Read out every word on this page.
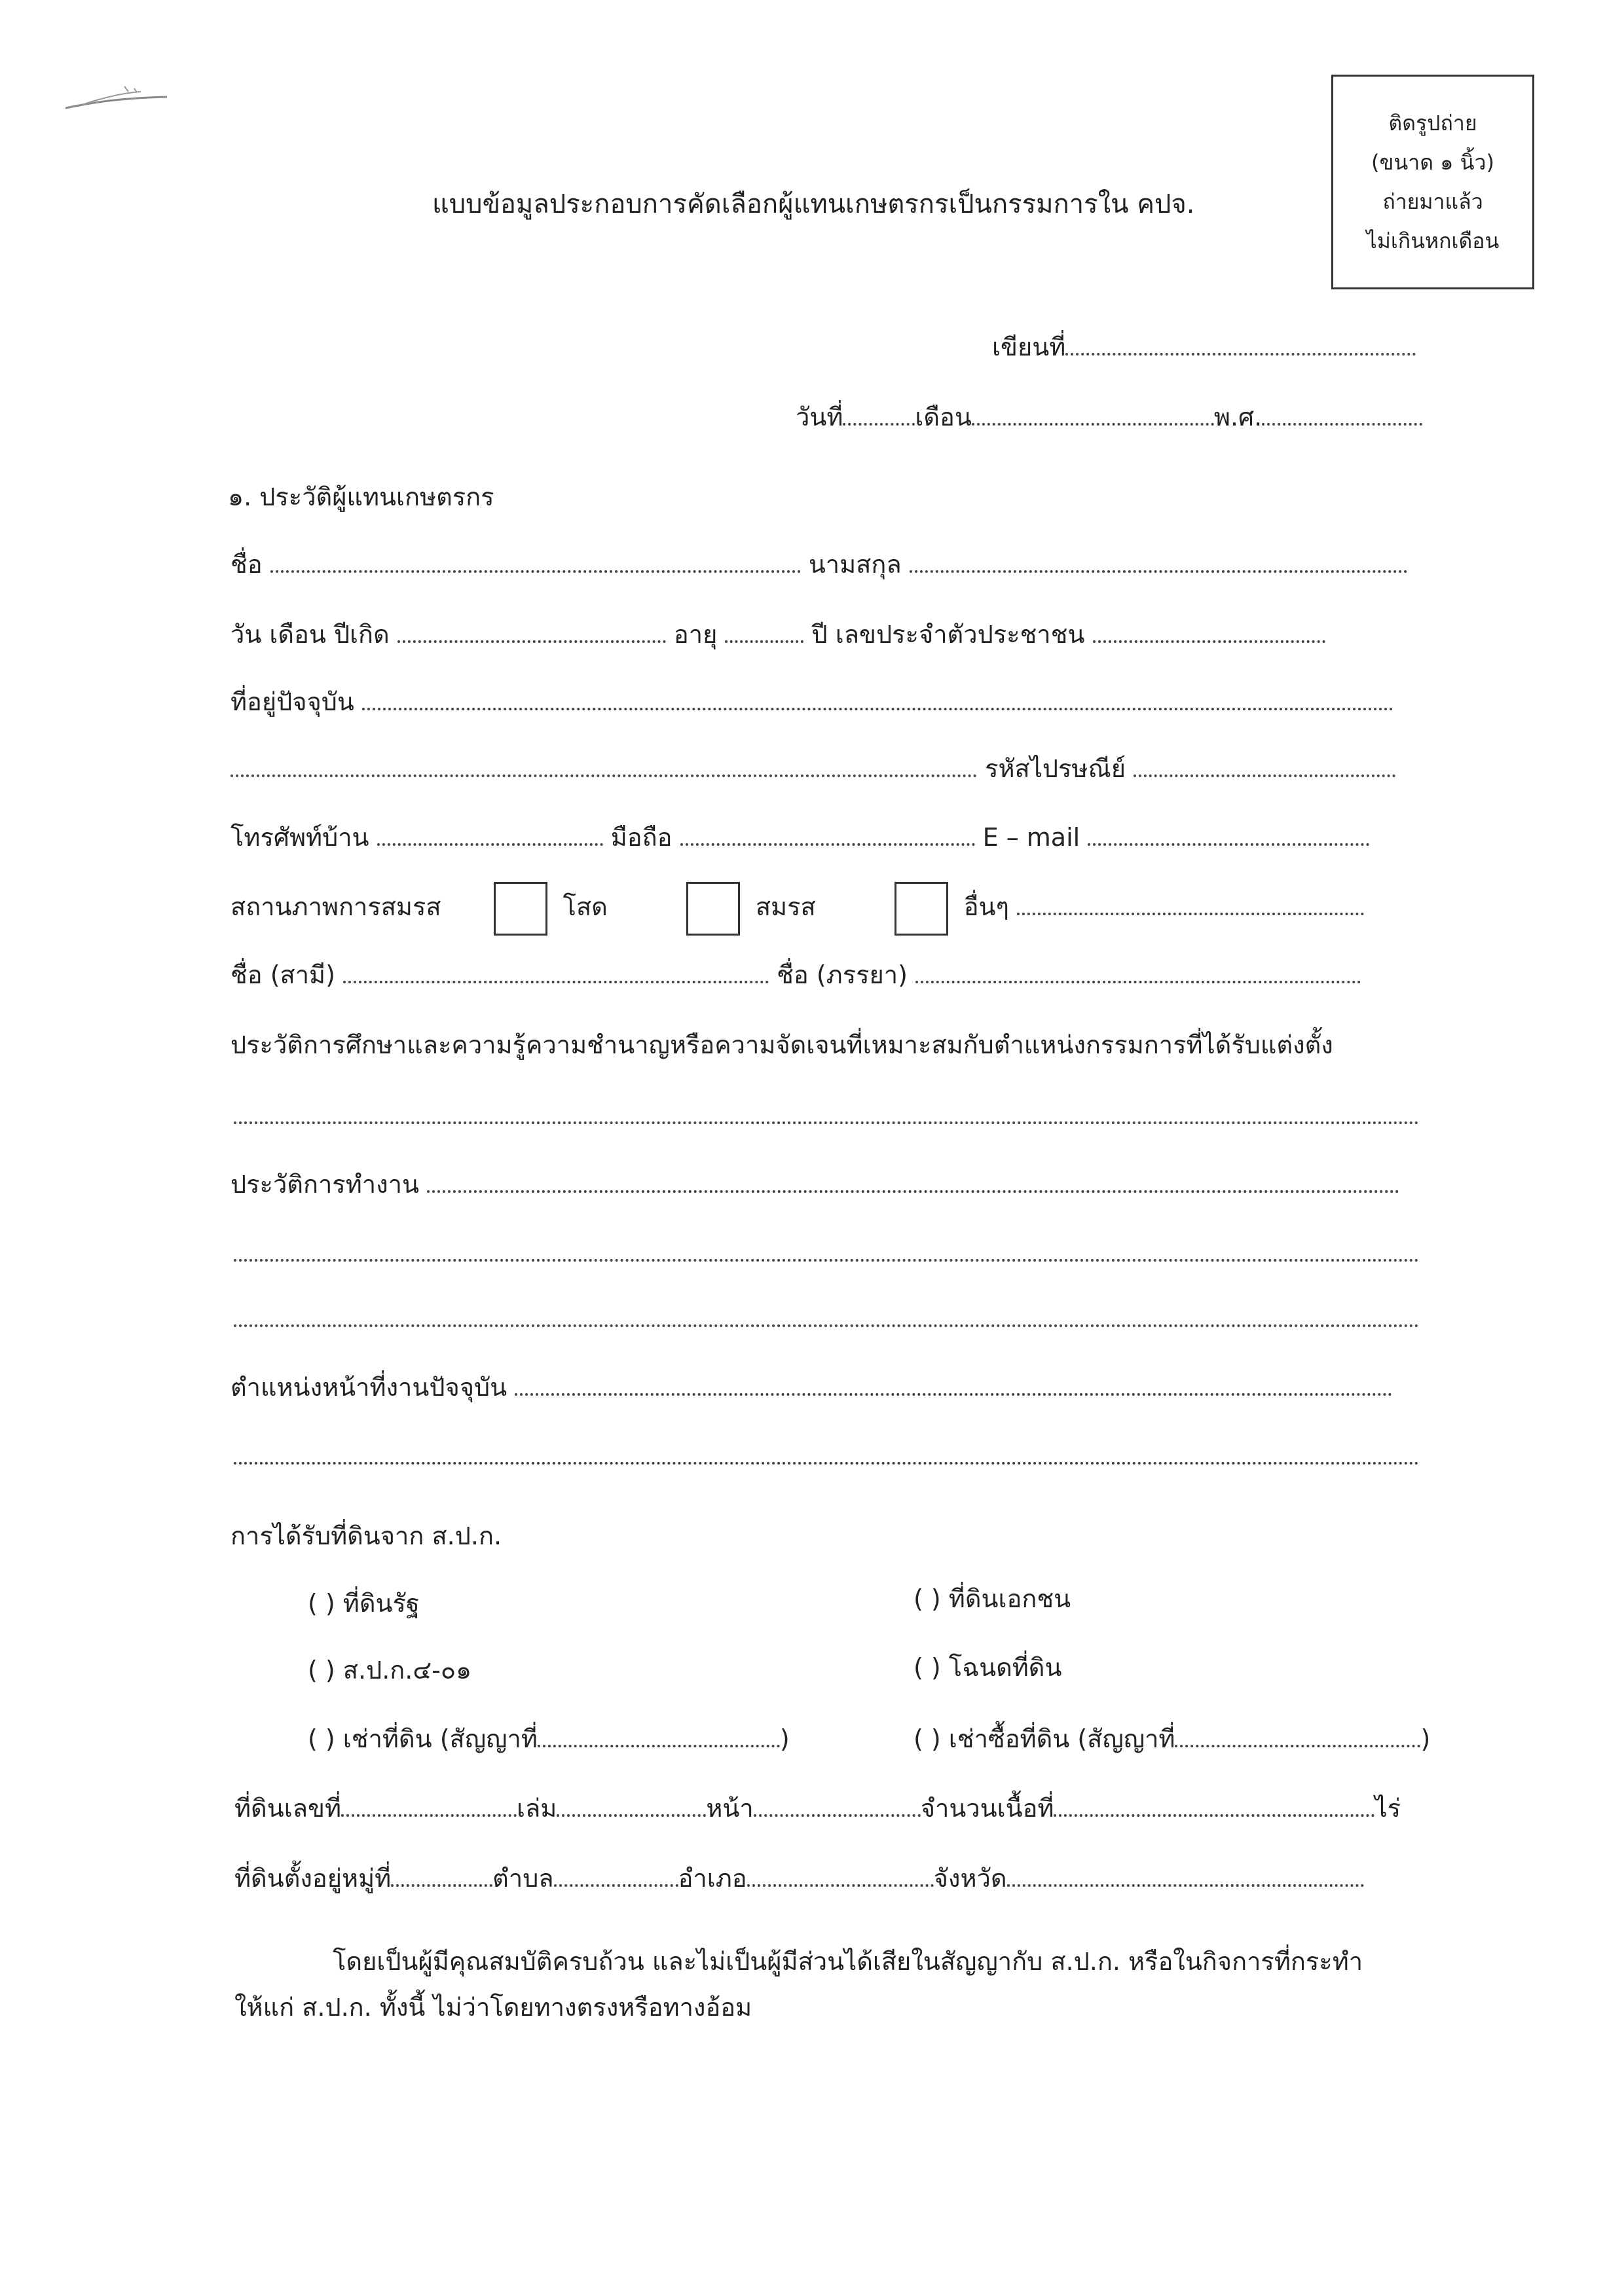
ติดรูปถ่าย
(ขนาด ๑ นิ้ว)
ถ่ายมาแล้ว
ไม่เกินหกเดือน
แบบข้อมูลประกอบการคัดเลือกผู้แทนเกษตรกรเป็นกรรมการใน คปจ.
เขียนที่
วันที่	เดือน	พ.ศ.
๑. ประวัติผู้แทนเกษตรกร
ชื่อ	นามสกุล
วัน เดือน ปีเกิด	อายุ	ปี เลขประจำตัวประชาชน
ที่อยู่ปัจจุบัน
รหัสไปรษณีย์
โทรศัพท์บ้าน	มือถือ	E – mail
สถานภาพการสมรส	โสด	สมรส	อื่นๆ
ชื่อ (สามี)	ชื่อ (ภรรยา)
ประวัติการศึกษาและความรู้ความชำนาญหรือความจัดเจนที่เหมาะสมกับตำแหน่งกรรมการที่ได้รับแต่งตั้ง
ประวัติการทำงาน
ตำแหน่งหน้าที่งานปัจจุบัน
การได้รับที่ดินจาก ส.ป.ก.
( ) ที่ดินรัฐ	( ) ที่ดินเอกชน
( ) ส.ป.ก.๔-๐๑	( ) โฉนดที่ดิน
( ) เช่าที่ดิน (สัญญาที่	)	( ) เช่าซื้อที่ดิน (สัญญาที่	)
ที่ดินเลขที่	เล่ม	หน้า	จำนวนเนื้อที่	ไร่
ที่ดินตั้งอยู่หมู่ที่	ตำบล	อำเภอ	จังหวัด
โดยเป็นผู้มีคุณสมบัติครบถ้วน และไม่เป็นผู้มีส่วนได้เสียในสัญญากับ ส.ป.ก. หรือในกิจการที่กระทำ
ให้แก่ ส.ป.ก. ทั้งนี้ ไม่ว่าโดยทางตรงหรือทางอ้อม
